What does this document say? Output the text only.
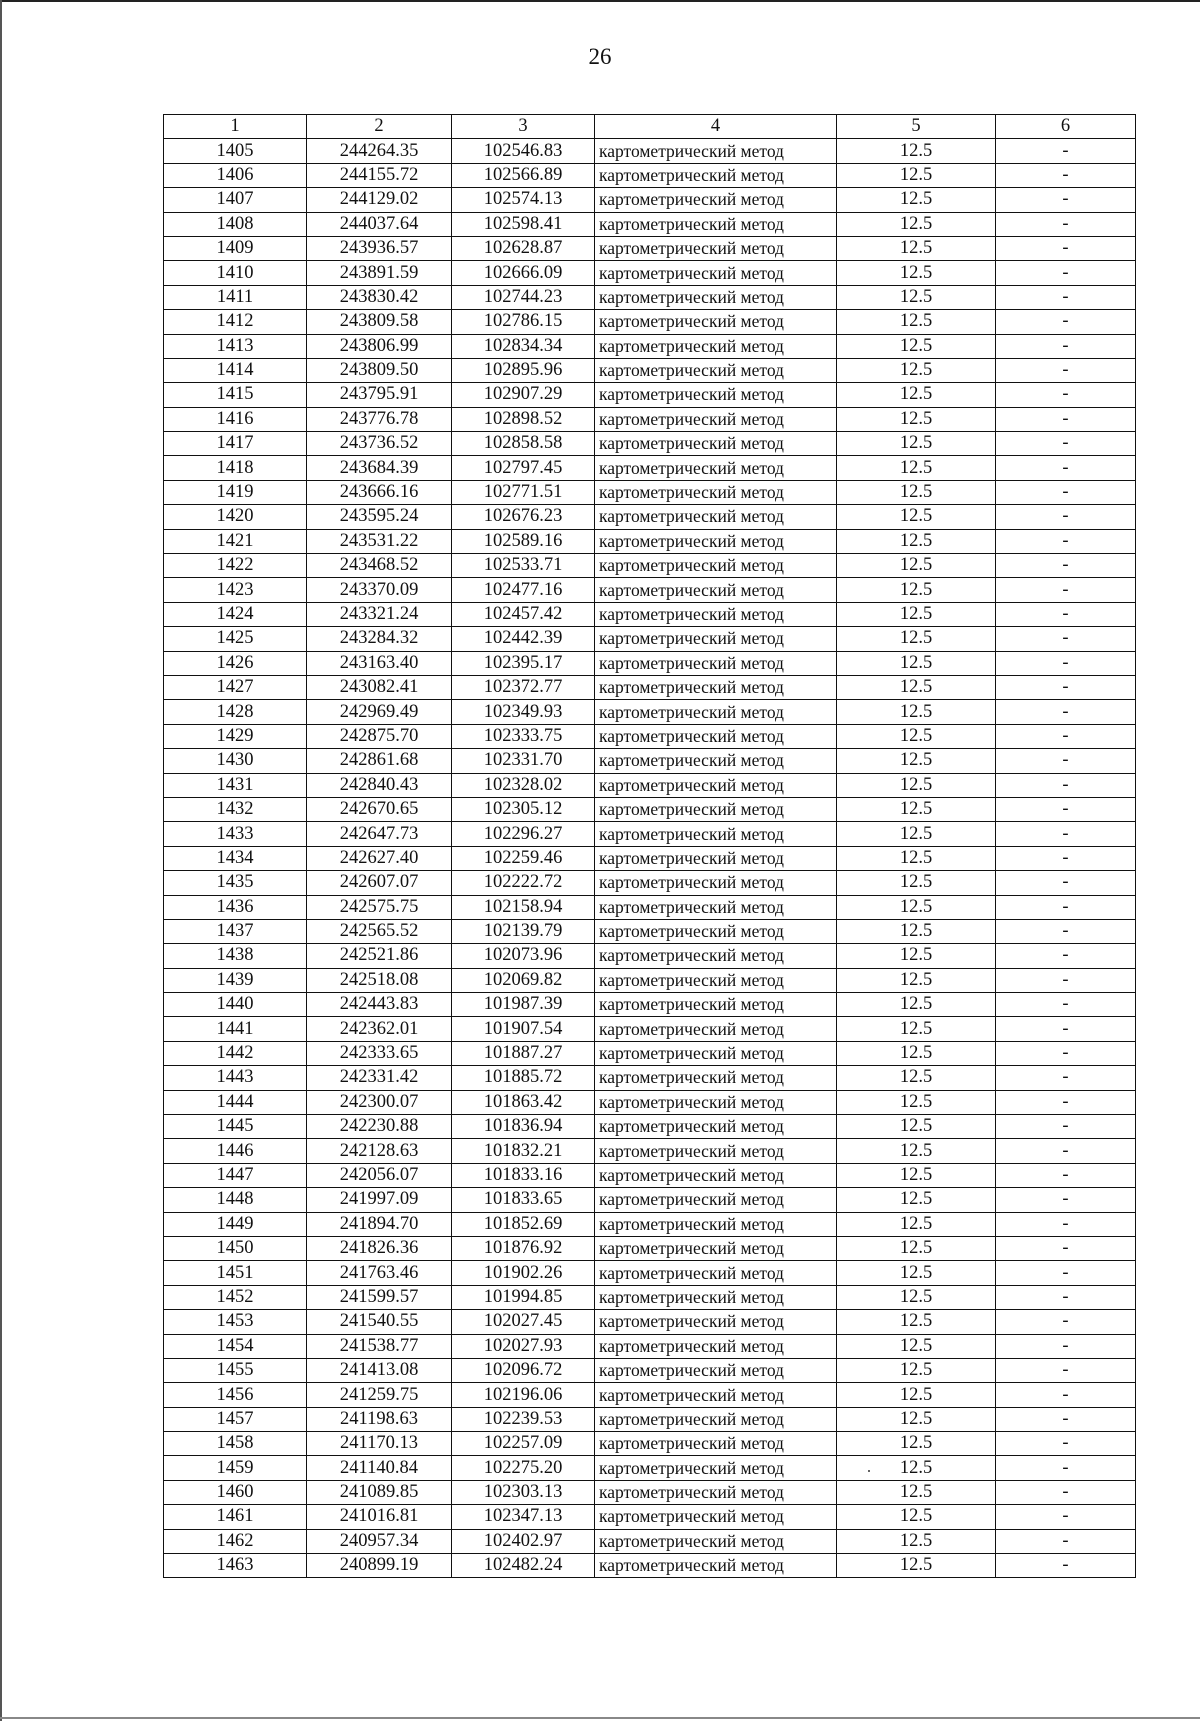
26
1	2	3	4	5	6
1405	244264.35	102546.83	картометрический метод	12.5	-
1406	244155.72	102566.89	картометрический метод	12.5	-
1407	244129.02	102574.13	картометрический метод	12.5	-
1408	244037.64	102598.41	картометрический метод	12.5	-
1409	243936.57	102628.87	картометрический метод	12.5	-
1410	243891.59	102666.09	картометрический метод	12.5	-
1411	243830.42	102744.23	картометрический метод	12.5	-
1412	243809.58	102786.15	картометрический метод	12.5	-
1413	243806.99	102834.34	картометрический метод	12.5	-
1414	243809.50	102895.96	картометрический метод	12.5	-
1415	243795.91	102907.29	картометрический метод	12.5	-
1416	243776.78	102898.52	картометрический метод	12.5	-
1417	243736.52	102858.58	картометрический метод	12.5	-
1418	243684.39	102797.45	картометрический метод	12.5	-
1419	243666.16	102771.51	картометрический метод	12.5	-
1420	243595.24	102676.23	картометрический метод	12.5	-
1421	243531.22	102589.16	картометрический метод	12.5	-
1422	243468.52	102533.71	картометрический метод	12.5	-
1423	243370.09	102477.16	картометрический метод	12.5	-
1424	243321.24	102457.42	картометрический метод	12.5	-
1425	243284.32	102442.39	картометрический метод	12.5	-
1426	243163.40	102395.17	картометрический метод	12.5	-
1427	243082.41	102372.77	картометрический метод	12.5	-
1428	242969.49	102349.93	картометрический метод	12.5	-
1429	242875.70	102333.75	картометрический метод	12.5	-
1430	242861.68	102331.70	картометрический метод	12.5	-
1431	242840.43	102328.02	картометрический метод	12.5	-
1432	242670.65	102305.12	картометрический метод	12.5	-
1433	242647.73	102296.27	картометрический метод	12.5	-
1434	242627.40	102259.46	картометрический метод	12.5	-
1435	242607.07	102222.72	картометрический метод	12.5	-
1436	242575.75	102158.94	картометрический метод	12.5	-
1437	242565.52	102139.79	картометрический метод	12.5	-
1438	242521.86	102073.96	картометрический метод	12.5	-
1439	242518.08	102069.82	картометрический метод	12.5	-
1440	242443.83	101987.39	картометрический метод	12.5	-
1441	242362.01	101907.54	картометрический метод	12.5	-
1442	242333.65	101887.27	картометрический метод	12.5	-
1443	242331.42	101885.72	картометрический метод	12.5	-
1444	242300.07	101863.42	картометрический метод	12.5	-
1445	242230.88	101836.94	картометрический метод	12.5	-
1446	242128.63	101832.21	картометрический метод	12.5	-
1447	242056.07	101833.16	картометрический метод	12.5	-
1448	241997.09	101833.65	картометрический метод	12.5	-
1449	241894.70	101852.69	картометрический метод	12.5	-
1450	241826.36	101876.92	картометрический метод	12.5	-
1451	241763.46	101902.26	картометрический метод	12.5	-
1452	241599.57	101994.85	картометрический метод	12.5	-
1453	241540.55	102027.45	картометрический метод	12.5	-
1454	241538.77	102027.93	картометрический метод	12.5	-
1455	241413.08	102096.72	картометрический метод	12.5	-
1456	241259.75	102196.06	картометрический метод	12.5	-
1457	241198.63	102239.53	картометрический метод	12.5	-
1458	241170.13	102257.09	картометрический метод	12.5	-
1459	241140.84	102275.20	картометрический метод	12.5	-
1460	241089.85	102303.13	картометрический метод	12.5	-
1461	241016.81	102347.13	картометрический метод	12.5	-
1462	240957.34	102402.97	картометрический метод	12.5	-
1463	240899.19	102482.24	картометрический метод	12.5	-
